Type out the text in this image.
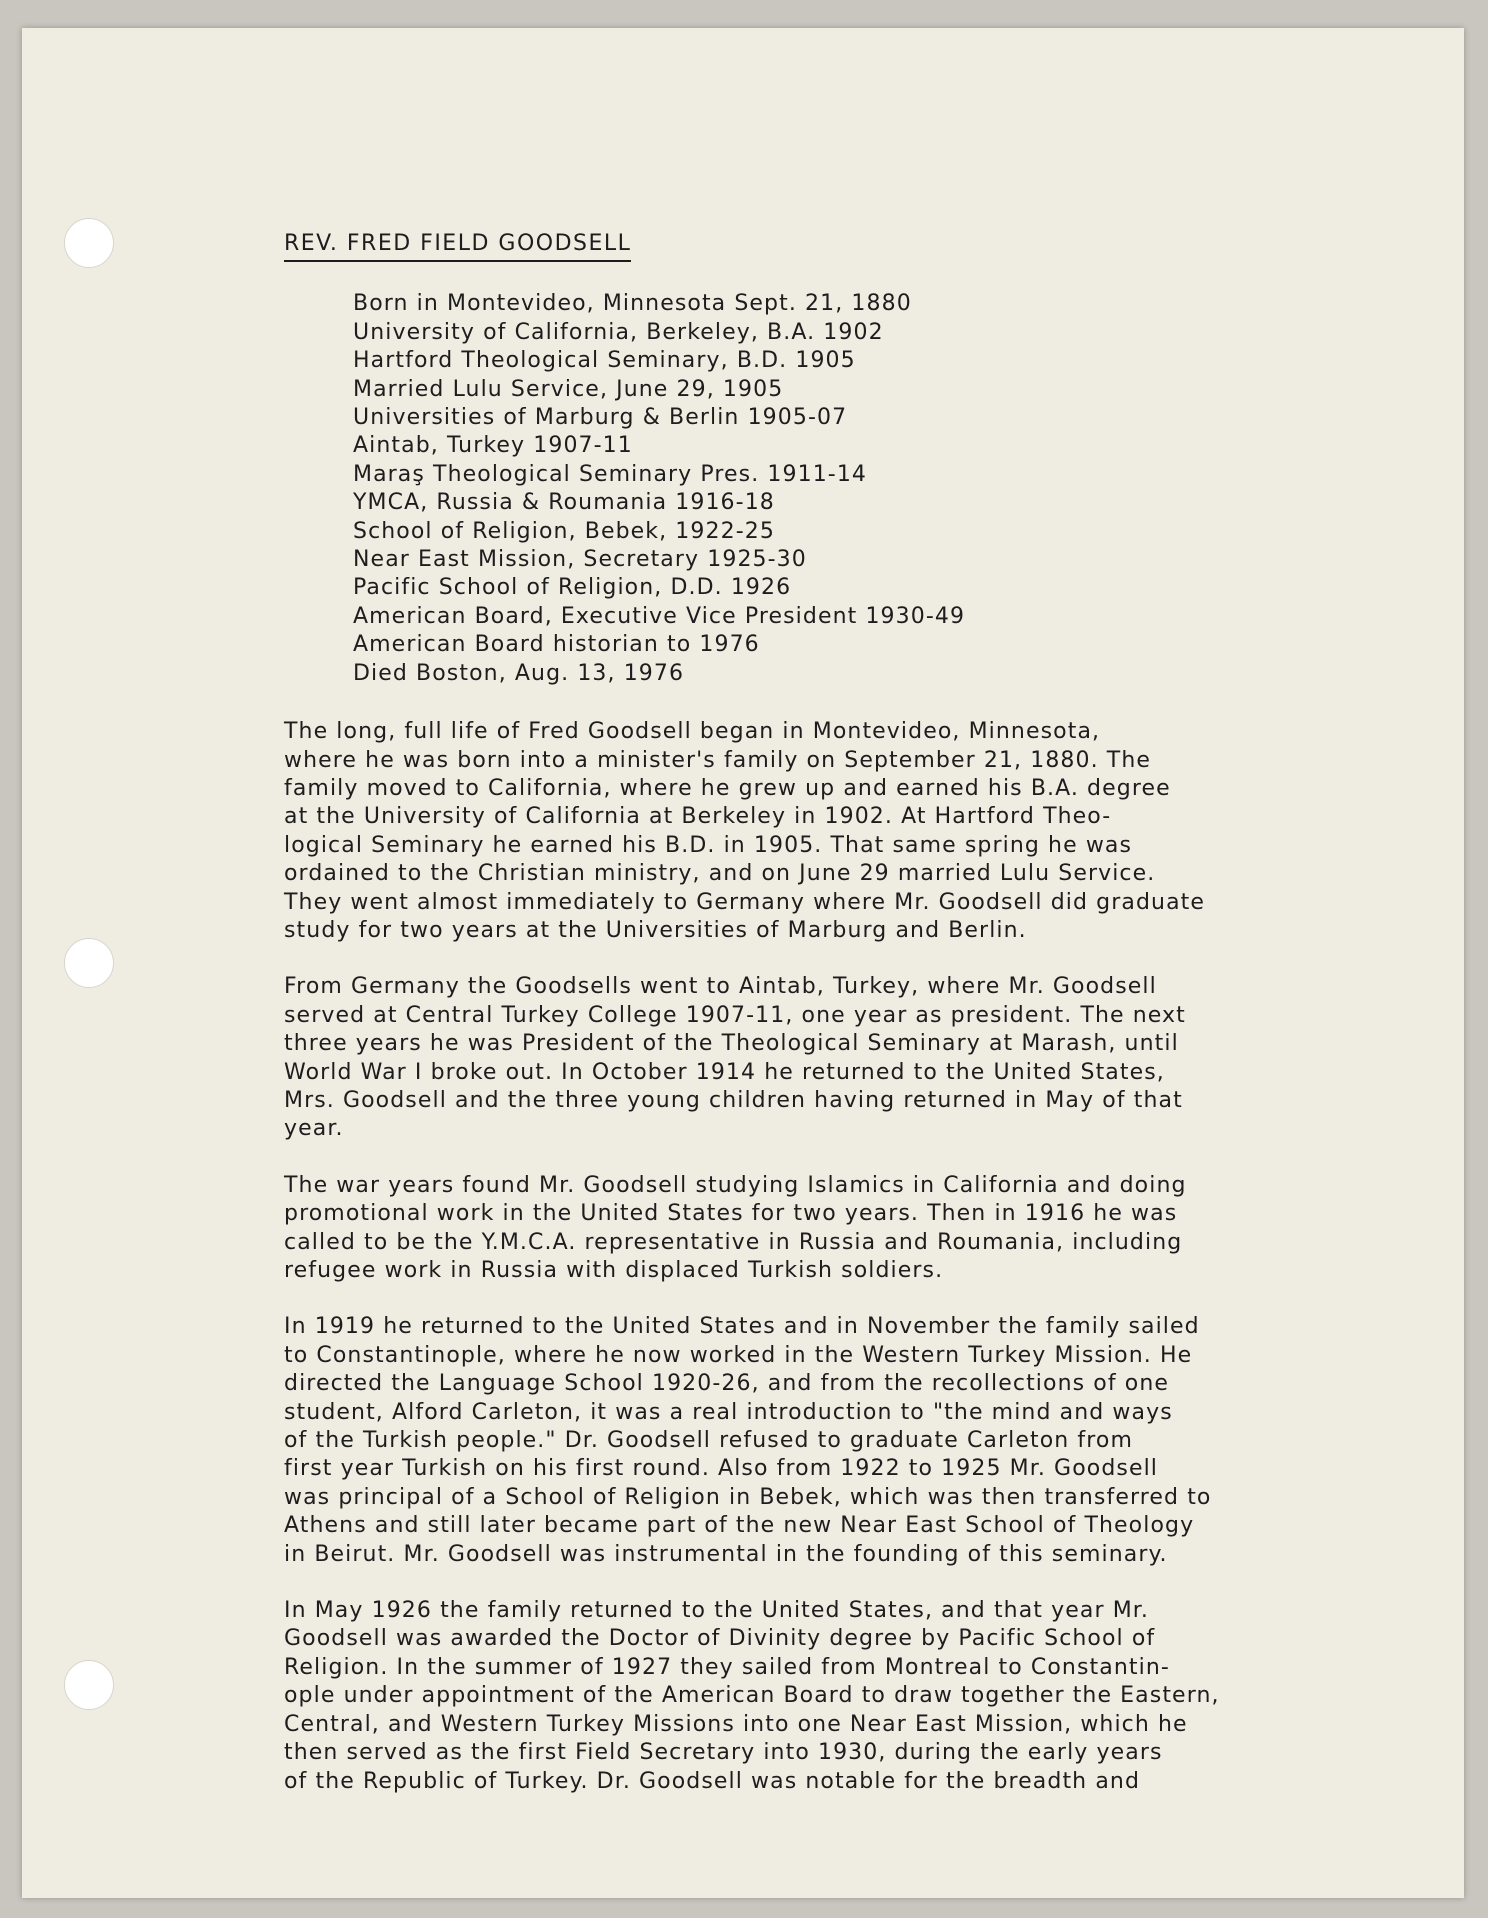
REV. FRED FIELD GOODSELL
Born in Montevideo, Minnesota Sept. 21, 1880
University of California, Berkeley, B.A. 1902
Hartford Theological Seminary, B.D. 1905
Married Lulu Service, June 29, 1905
Universities of Marburg & Berlin 1905-07
Aintab, Turkey 1907-11
Maraş Theological Seminary Pres. 1911-14
YMCA, Russia & Roumania 1916-18
School of Religion, Bebek, 1922-25
Near East Mission, Secretary 1925-30
Pacific School of Religion, D.D. 1926
American Board, Executive Vice President 1930-49
American Board historian to 1976
Died Boston, Aug. 13, 1976
The long, full life of Fred Goodsell began in Montevideo, Minnesota,
where he was born into a minister's family on September 21, 1880. The
family moved to California, where he grew up and earned his B.A. degree
at the University of California at Berkeley in 1902. At Hartford Theo-
logical Seminary he earned his B.D. in 1905. That same spring he was
ordained to the Christian ministry, and on June 29 married Lulu Service.
They went almost immediately to Germany where Mr. Goodsell did graduate
study for two years at the Universities of Marburg and Berlin.
From Germany the Goodsells went to Aintab, Turkey, where Mr. Goodsell
served at Central Turkey College 1907-11, one year as president. The next
three years he was President of the Theological Seminary at Marash, until
World War I broke out. In October 1914 he returned to the United States,
Mrs. Goodsell and the three young children having returned in May of that
year.
The war years found Mr. Goodsell studying Islamics in California and doing
promotional work in the United States for two years. Then in 1916 he was
called to be the Y.M.C.A. representative in Russia and Roumania, including
refugee work in Russia with displaced Turkish soldiers.
In 1919 he returned to the United States and in November the family sailed
to Constantinople, where he now worked in the Western Turkey Mission. He
directed the Language School 1920-26, and from the recollections of one
student, Alford Carleton, it was a real introduction to "the mind and ways
of the Turkish people." Dr. Goodsell refused to graduate Carleton from
first year Turkish on his first round. Also from 1922 to 1925 Mr. Goodsell
was principal of a School of Religion in Bebek, which was then transferred to
Athens and still later became part of the new Near East School of Theology
in Beirut. Mr. Goodsell was instrumental in the founding of this seminary.
In May 1926 the family returned to the United States, and that year Mr.
Goodsell was awarded the Doctor of Divinity degree by Pacific School of
Religion. In the summer of 1927 they sailed from Montreal to Constantin-
ople under appointment of the American Board to draw together the Eastern,
Central, and Western Turkey Missions into one Near East Mission, which he
then served as the first Field Secretary into 1930, during the early years
of the Republic of Turkey. Dr. Goodsell was notable for the breadth and
